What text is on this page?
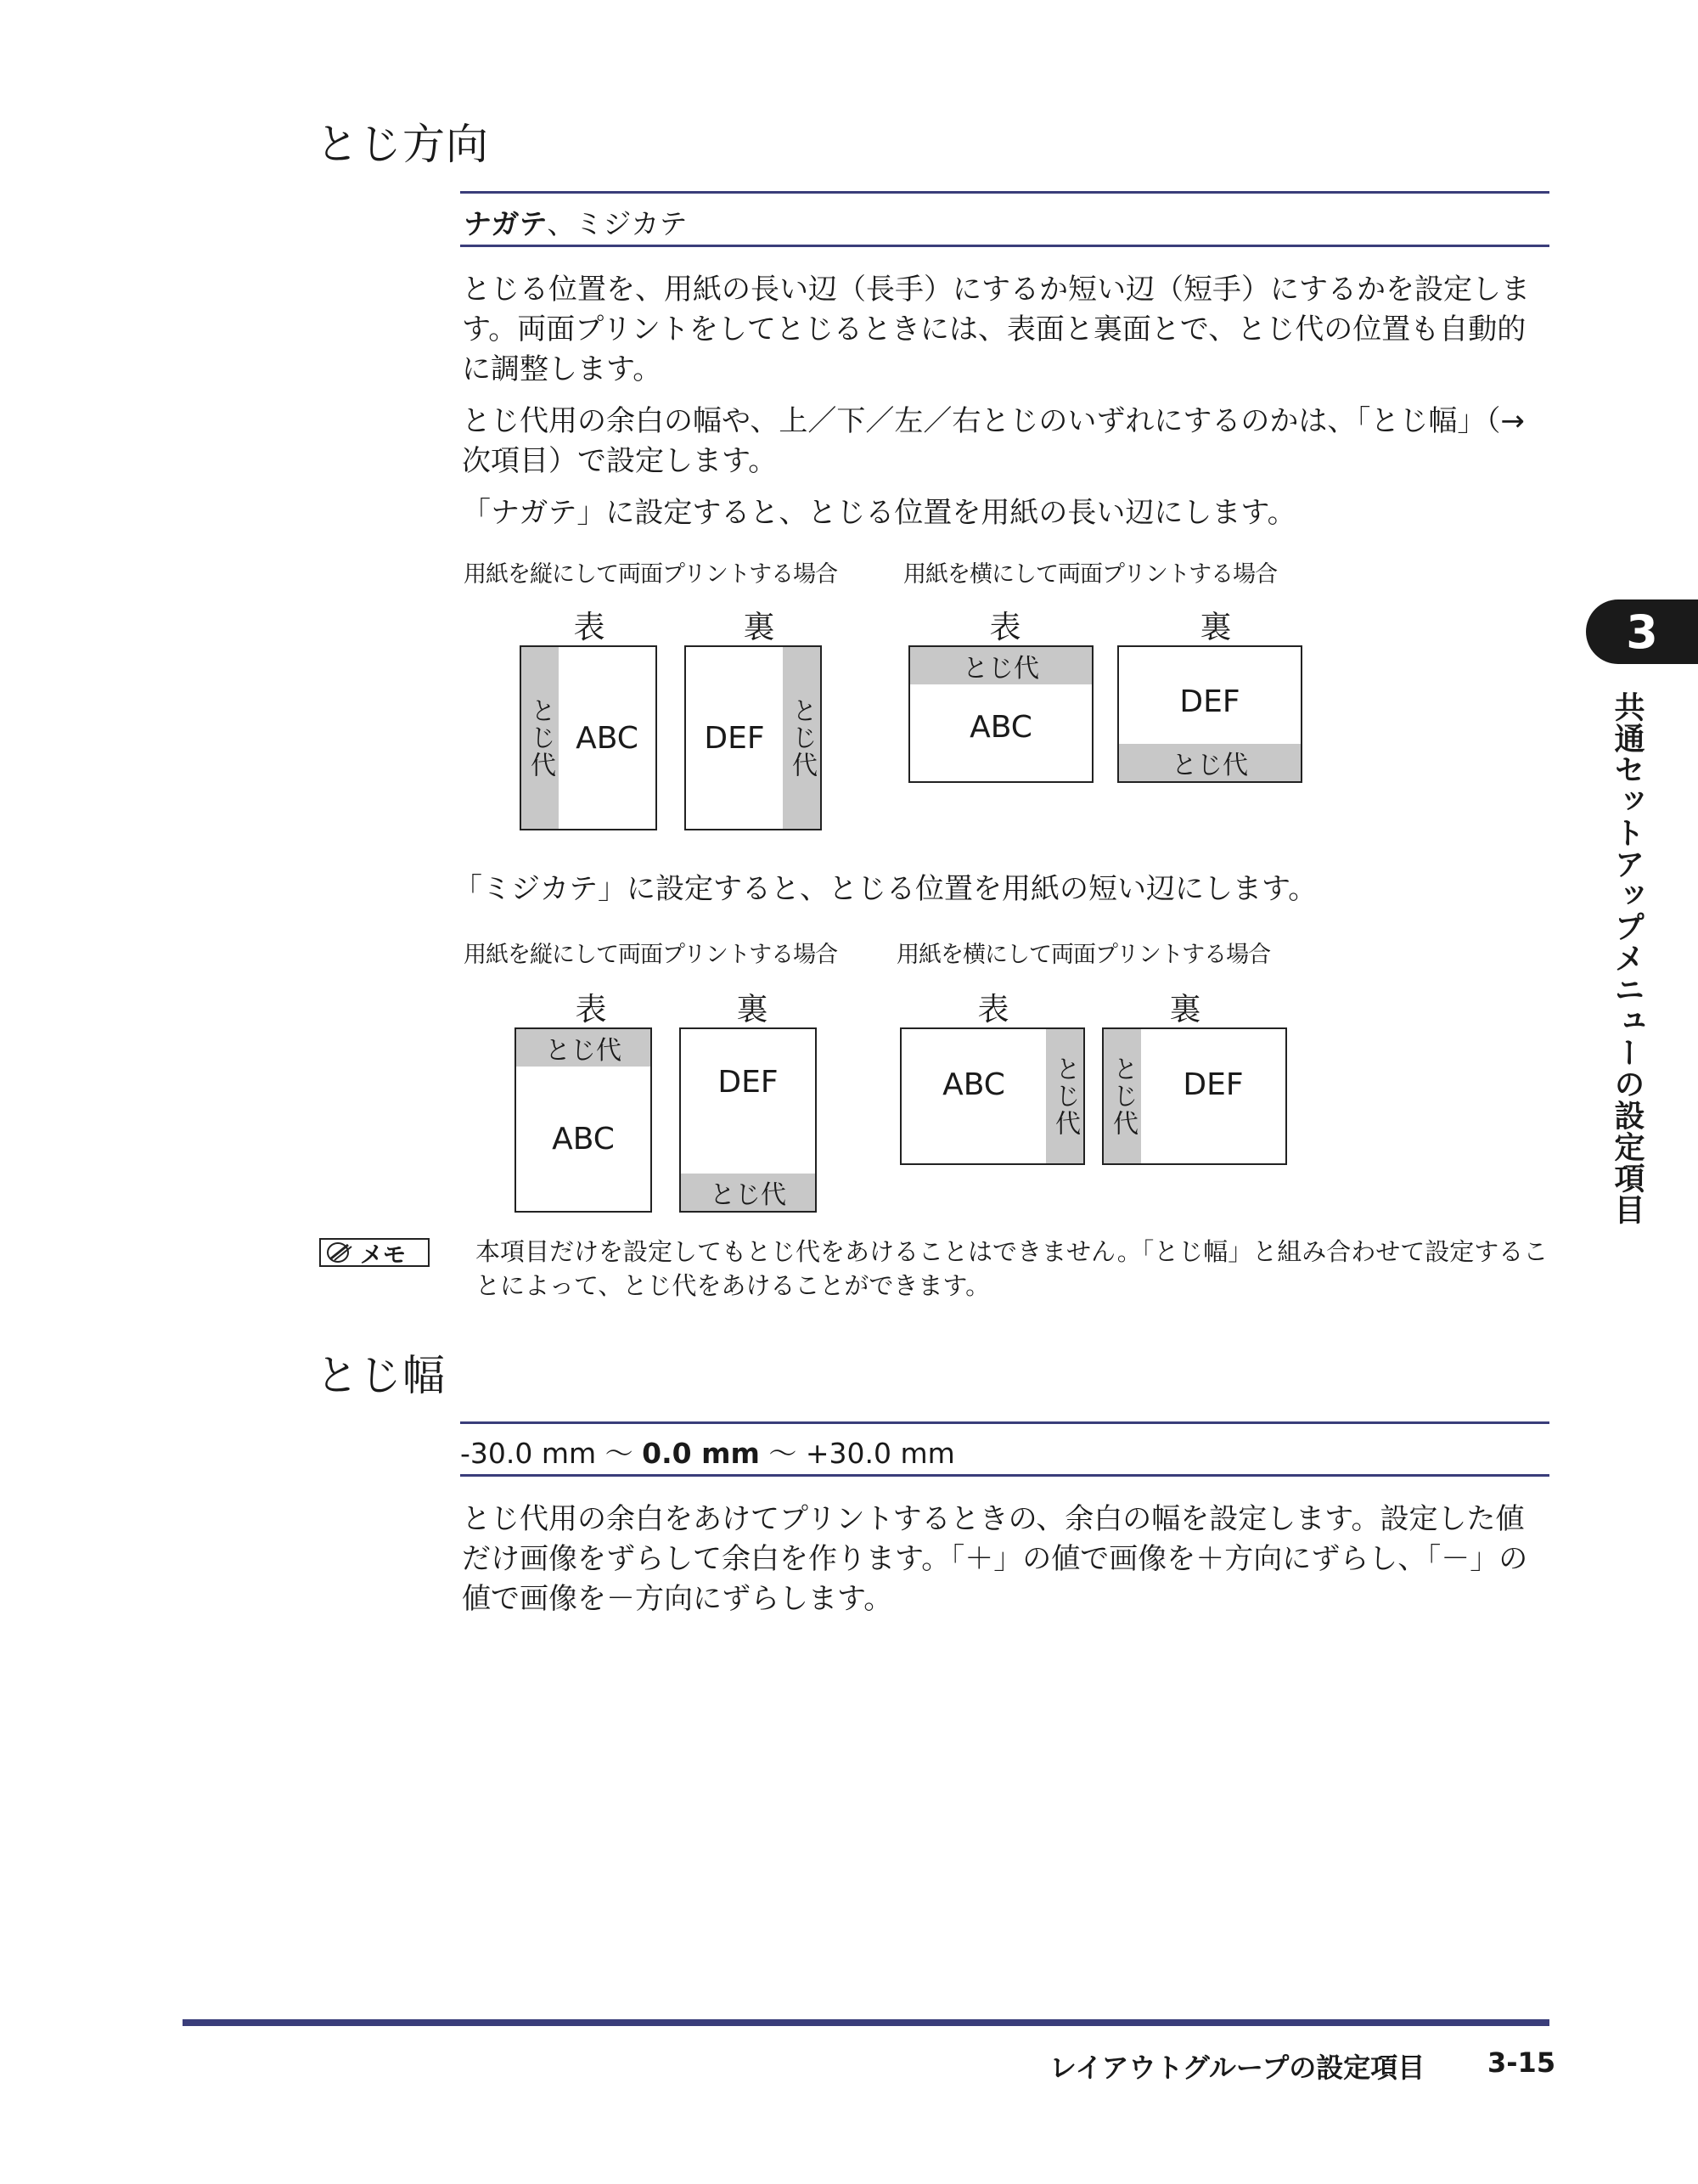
とじ方向
ナガテ、ミジカテ

とじる位置を、用紙の長い辺（長手）にするか短い辺（短手）にするかを設定します。両面プリントをしてとじるときには、表面と裏面とで、とじ代の位置も自動的に調整します。

とじ代用の余白の幅や、上／下／左／右とじのいずれにするのかは、「とじ幅」（→次項目）で設定します。

「ナガテ」に設定すると、とじる位置を用紙の長い辺にします。

用紙を縦にして両面プリントする場合	用紙を横にして両面プリントする場合
表	裏	表	裏
とじ代 ABC	とじ代
DEF
とじ代
ABC
とじ代
DEF
「ミジカテ」に設定すると、とじる位置を用紙の短い辺にします。
用紙を縦にして両面プリントする場合	用紙を横にして両面プリントする場合
表	裏	表	裏
とじ代
ABC
とじ代
DEF	とじ代
ABC	とじ代	DEF
メモ	本項目だけを設定してもとじ代をあけることはできません。「とじ幅」と組み合わせて設定することによって、とじ代をあけることができます。
とじ幅
-30.0 mm ～ 0.0 mm ～ +30.0 mm
とじ代用の余白をあけてプリントするときの、余白の幅を設定します。設定した値だけ画像をずらして余白を作ります。「＋」の値で画像を＋方向にずらし、「－」の値で画像を－方向にずらします。
3
共通セットアップメニューの設定項目
レイアウトグループの設定項目 3-15
